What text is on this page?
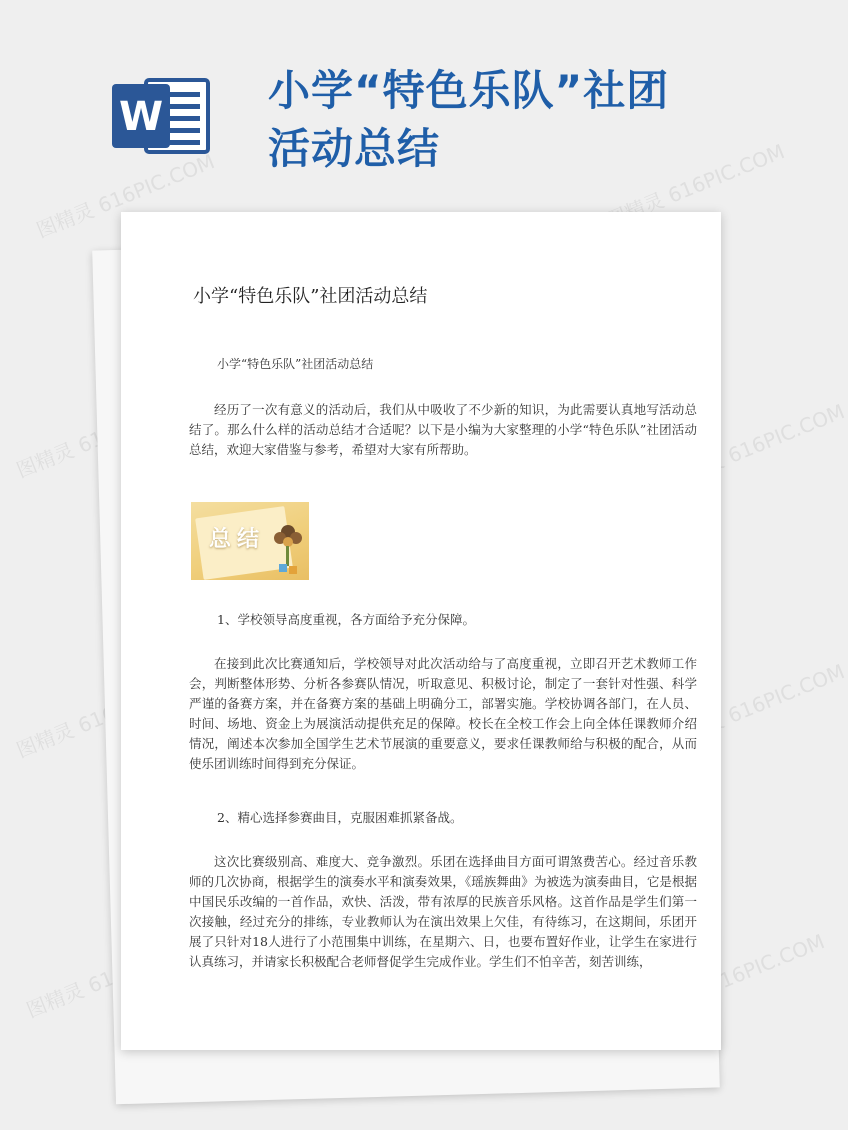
W
小学“特色乐队”社团
活动总结
图精灵 616PIC.COM	图精灵 616PIC.COM
图精灵	图精灵 616PIC.COM
图精灵	图精灵 616PIC.COM
图精灵	图精灵 616PIC.COM
小学“特色乐队”社团活动总结
小学“特色乐队”社团活动总结

经历了一次有意义的活动后，我们从中吸收了不少新的知识，为此需要认真地写活动总结了。那么什么样的活动总结才合适呢？以下是小编为大家整理的小学“特色乐队”社团活动总结，欢迎大家借鉴与参考，希望对大家有所帮助。

总结
1、学校领导高度重视，各方面给予充分保障。

在接到此次比赛通知后，学校领导对此次活动给与了高度重视，立即召开艺术教师工作会，判断整体形势、分析各参赛队情况，听取意见、积极讨论，制定了一套针对性强、科学严谨的备赛方案，并在备赛方案的基础上明确分工，部署实施。学校协调各部门，在人员、时间、场地、资金上为展演活动提供充足的保障。校长在全校工作会上向全体任课教师介绍情况，阐述本次参加全国学生艺术节展演的重要意义，要求任课教师给与积极的配合，从而使乐团训练时间得到充分保证。

2、精心选择参赛曲目，克服困难抓紧备战。

这次比赛级别高、难度大、竞争激烈。乐团在选择曲目方面可谓煞费苦心。经过音乐教师的几次协商，根据学生的演奏水平和演奏效果，《瑶族舞曲》为被选为演奏曲目，它是根据中国民乐改编的一首作品，欢快、活泼，带有浓厚的民族音乐风格。这首作品是学生们第一次接触，经过充分的排练，专业教师认为在演出效果上欠佳，有待练习，在这期间，乐团开展了只针对18人进行了小范围集中训练，在星期六、日，也要布置好作业，让学生在家进行认真练习，并请家长积极配合老师督促学生完成作业。学生们不怕辛苦，刻苦训练，
